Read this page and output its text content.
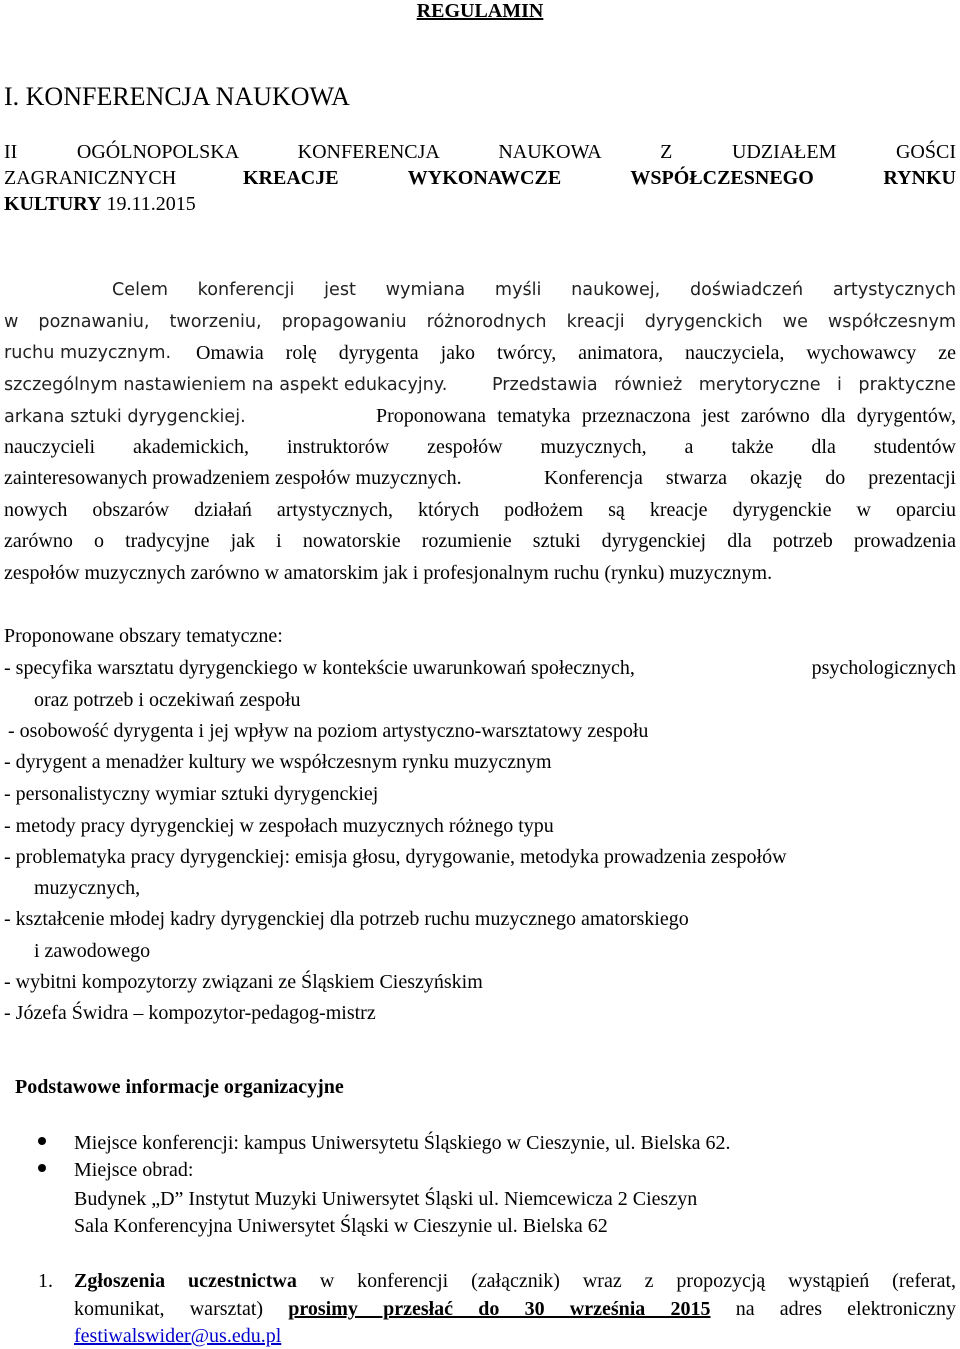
REGULAMIN
I. KONFERENCJA NAUKOWA
II OGÓLNOPOLSKA KONFERENCJA NAUKOWA Z UDZIAŁEM GOŚCI
ZAGRANICZNYCH	KREACJE WYKONAWCZE WSPÓŁCZESNEGO RYNKU
KULTURY 19.11.2015
Celem konferencji jest wymiana myśli naukowej, doświadczeń artystycznych
w poznawaniu, tworzeniu, propagowaniu różnorodnych kreacji dyrygenckich we współczesnym
ruchu muzycznym. Omawia rolę dyrygenta jako twórcy, animatora, nauczyciela, wychowawcy ze
szczególnym nastawieniem na aspekt edukacyjny.	Przedstawia również merytoryczne i praktyczne
arkana sztuki dyrygenckiej.	Proponowana tematyka przeznaczona jest zarówno dla dyrygentów,
nauczycieli akademickich, instruktorów zespołów muzycznych, a także dla studentów
zainteresowanych prowadzeniem zespołów muzycznych.	Konferencja stwarza okazję do prezentacji
nowych obszarów działań artystycznych, których podłożem są kreacje dyrygenckie w oparciu
zarówno o tradycyjne jak i nowatorskie rozumienie sztuki dyrygenckiej dla potrzeb prowadzenia
zespołów muzycznych zarówno w amatorskim jak i profesjonalnym ruchu (rynku) muzycznym.
Proponowane obszary tematyczne:
- specyfika warsztatu dyrygenckiego w kontekście uwarunkowań społecznych,	psychologicznych
oraz potrzeb i oczekiwań zespołu
- osobowość dyrygenta i jej wpływ na poziom artystyczno-warsztatowy zespołu
- dyrygent a menadżer kultury we współczesnym rynku muzycznym
- personalistyczny wymiar sztuki dyrygenckiej
- metody pracy dyrygenckiej w zespołach muzycznych różnego typu
- problematyka pracy dyrygenckiej: emisja głosu, dyrygowanie, metodyka prowadzenia zespołów
muzycznych,
- kształcenie młodej kadry dyrygenckiej dla potrzeb ruchu muzycznego amatorskiego
i zawodowego
- wybitni kompozytorzy związani ze Śląskiem Cieszyńskim
- Józefa Świdra – kompozytor-pedagog-mistrz
Podstawowe informacje organizacyjne
Miejsce konferencji: kampus Uniwersytetu Śląskiego w Cieszynie, ul. Bielska 62.
Miejsce obrad:
Budynek „D” Instytut Muzyki Uniwersytet Śląski ul. Niemcewicza 2 Cieszyn
Sala Konferencyjna Uniwersytet Śląski w Cieszynie ul. Bielska 62
1. Zgłoszenia uczestnictwa w konferencji (załącznik) wraz z propozycją wystąpień (referat,
komunikat, warsztat) prosimy przesłać do 30 września 2015 na adres elektroniczny
festiwalswider@us.edu.pl
